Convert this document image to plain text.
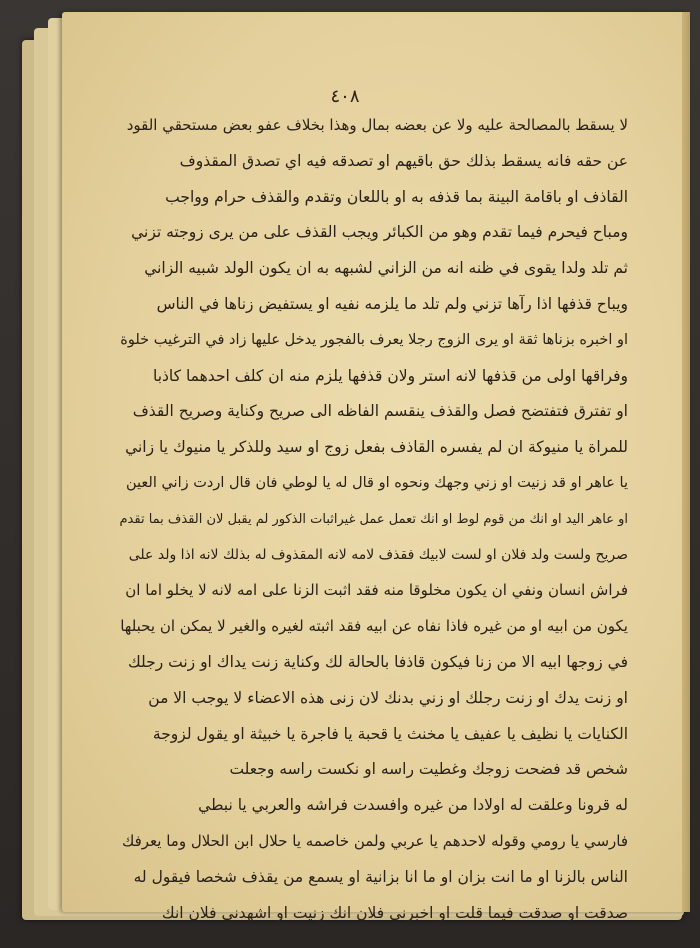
٤٠٨
لا يسقط بالمصالحة عليه ولا عن بعضه بمال وهذا بخلاف عفو بعض مستحقي القود
عن حقه فانه يسقط بذلك حق باقيهم او تصدقه فيه اي تصدق المقذوف
القاذف او باقامة البينة بما قذفه به او باللعان وتقدم والقذف حرام وواجب
ومباح فيحرم فيما تقدم وهو من الكبائر ويجب القذف على من يرى زوجته تزني
ثم تلد ولدا يقوى في ظنه انه من الزاني لشبهه به ان يكون الولد شبيه الزاني
ويباح قذفها اذا رآها تزني ولم تلد ما يلزمه نفيه او يستفيض زناها في الناس
او اخبره بزناها ثقة او يرى الزوج رجلا يعرف بالفجور يدخل عليها زاد في الترغيب خلوة
وفراقها اولى من قذفها لانه استر ولان قذفها يلزم منه ان كلف احدهما كاذبا
او تفترق فتفتضح فصل والقذف ينقسم الفاظه الى صريح وكناية وصريح القذف
للمراة يا منيوكة ان لم يفسره القاذف بفعل زوج او سيد وللذكر يا منيوك يا زاني
يا عاهر او قد زنيت او زني وجهك ونحوه او قال له يا لوطي فان قال اردت زاني العين
او عاهر اليد او انك من قوم لوط او انك تعمل عمل غيراثبات الذكور لم يقبل لان القذف بما تقدم
صريح ولست ولد فلان او لست لابيك فقذف لامه لانه المقذوف له بذلك لانه اذا ولد على
فراش انسان ونفي ان يكون مخلوقا منه فقد اثبت الزنا على امه لانه لا يخلو اما ان
يكون من ابيه او من غيره فاذا نفاه عن ابيه فقد اثبته لغيره والغير لا يمكن ان يحبلها
في زوجها ابيه الا من زنا فيكون قاذفا بالحالة لك وكناية زنت يداك او زنت رجلك
او زنت يدك او زنت رجلك او زني بدنك لان زنى هذه الاعضاء لا يوجب الا من
الكنايات يا نظيف يا عفيف يا مخنث يا قحبة يا فاجرة يا خبيثة او يقول لزوجة
شخص قد فضحت زوجك وغطيت راسه او نكست راسه وجعلت
له قرونا وعلقت له اولادا من غيره وافسدت فراشه والعربي يا نبطي
فارسي يا رومي وقوله لاحدهم يا عربي ولمن خاصمه يا حلال ابن الحلال وما يعرفك
الناس بالزنا او ما انت بزان او ما انا بزانية او يسمع من يقذف شخصا فيقول له
صدقت او صدقت فيما قلت او اخبرني فلان انك زنيت او اشهدني فلان انك
